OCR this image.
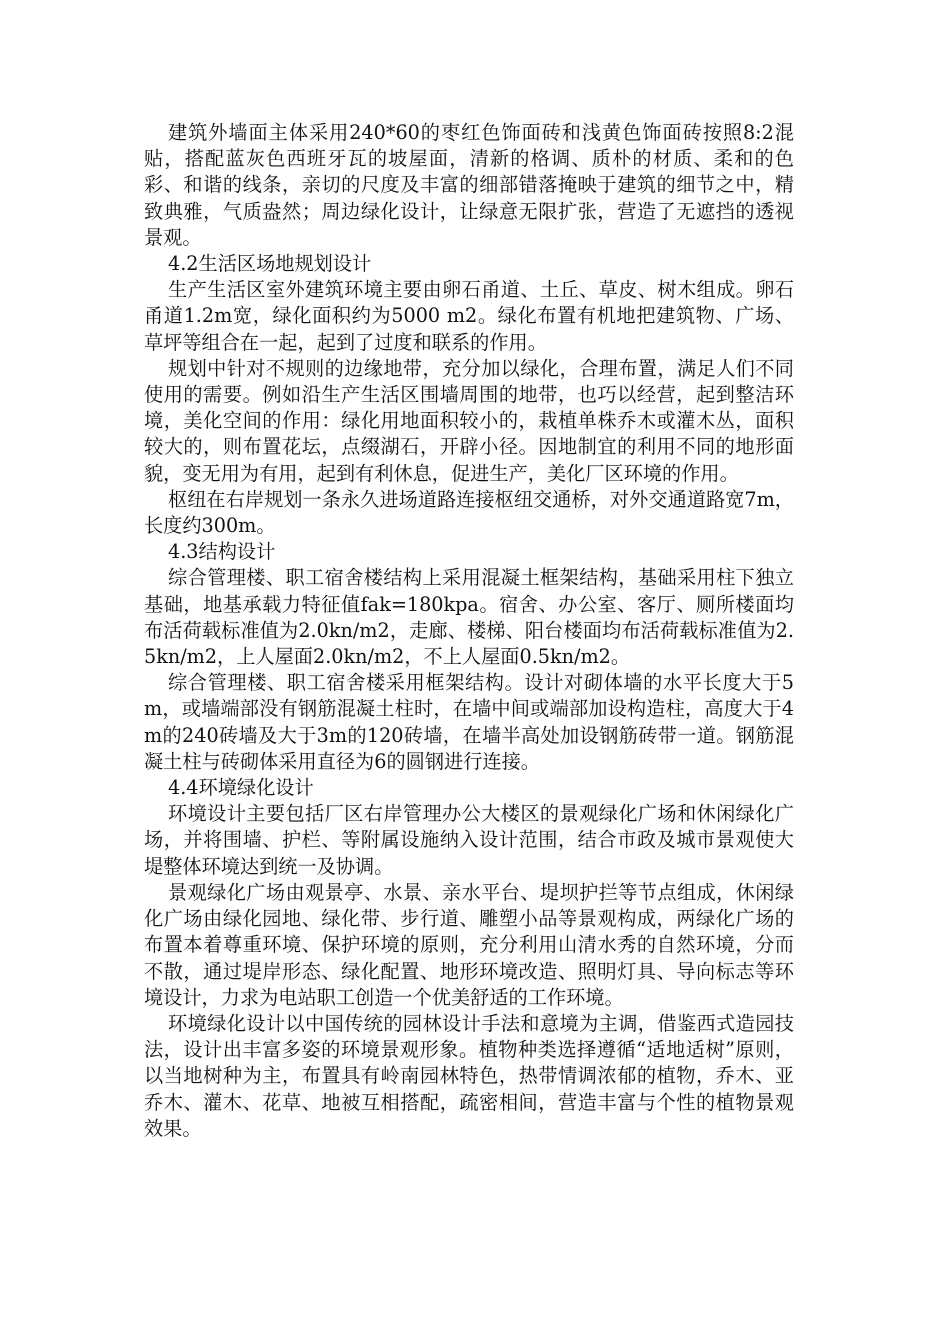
建筑外墙面主体采用240*60的枣红色饰面砖和浅黄色饰面砖按照8:2混贴，搭配蓝灰色西班牙瓦的坡屋面，清新的格调、质朴的材质、柔和的色彩、和谐的线条，亲切的尺度及丰富的细部错落掩映于建筑的细节之中，精致典雅，气质盎然；周边绿化设计，让绿意无限扩张，营造了无遮挡的透视景观。

4.2生活区场地规划设计

生产生活区室外建筑环境主要由卵石甬道、土丘、草皮、树木组成。卵石甬道1.2m宽，绿化面积约为5000 m2。绿化布置有机地把建筑物、广场、草坪等组合在一起，起到了过度和联系的作用。

规划中针对不规则的边缘地带，充分加以绿化，合理布置，满足人们不同使用的需要。例如沿生产生活区围墙周围的地带，也巧以经营，起到整洁环境，美化空间的作用：绿化用地面积较小的，栽植单株乔木或灌木丛，面积较大的，则布置花坛，点缀湖石，开辟小径。因地制宜的利用不同的地形面貌，变无用为有用，起到有利休息，促进生产，美化厂区环境的作用。

枢纽在右岸规划一条永久进场道路连接枢纽交通桥，对外交通道路宽7m，长度约300m。

4.3结构设计

综合管理楼、职工宿舍楼结构上采用混凝土框架结构，基础采用柱下独立基础，地基承载力特征值fak=180kpa。宿舍、办公室、客厅、厕所楼面均布活荷载标准值为2.0kn/m2，走廊、楼梯、阳台楼面均布活荷载标准值为2.5kn/m2，上人屋面2.0kn/m2，不上人屋面0.5kn/m2。

综合管理楼、职工宿舍楼采用框架结构。设计对砌体墙的水平长度大于5m，或墙端部没有钢筋混凝土柱时，在墙中间或端部加设构造柱，高度大于4m的240砖墙及大于3m的120砖墙，在墙半高处加设钢筋砖带一道。钢筋混凝土柱与砖砌体采用直径为6的圆钢进行连接。

4.4环境绿化设计

环境设计主要包括厂区右岸管理办公大楼区的景观绿化广场和休闲绿化广场，并将围墙、护栏、等附属设施纳入设计范围，结合市政及城市景观使大堤整体环境达到统一及协调。

景观绿化广场由观景亭、水景、亲水平台、堤坝护拦等节点组成，休闲绿化广场由绿化园地、绿化带、步行道、雕塑小品等景观构成，两绿化广场的布置本着尊重环境、保护环境的原则，充分利用山清水秀的自然环境，分而不散，通过堤岸形态、绿化配置、地形环境改造、照明灯具、导向标志等环境设计，力求为电站职工创造一个优美舒适的工作环境。

环境绿化设计以中国传统的园林设计手法和意境为主调，借鉴西式造园技法，设计出丰富多姿的环境景观形象。植物种类选择遵循“适地适树”原则，以当地树种为主，布置具有岭南园林特色，热带情调浓郁的植物，乔木、亚乔木、灌木、花草、地被互相搭配，疏密相间，营造丰富与个性的植物景观效果。
